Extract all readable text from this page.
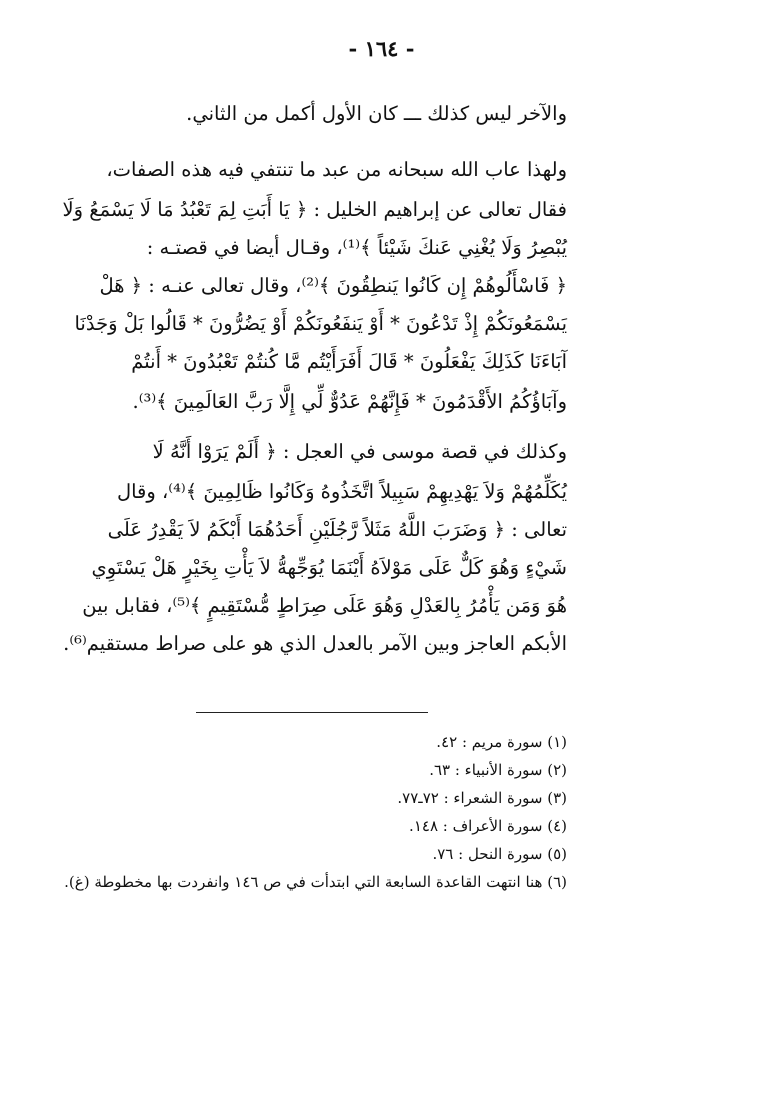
- ١٦٤ -

والآخر ليس كذلك ـــ كان الأول أكمل من الثاني.

ولهذا عاب الله سبحانه من عبد ما تنتفي فيه هذه الصفات،

فقال تعالى عن إبراهيم الخليل : ﴿ يَا أَبَتِ لِمَ تَعْبُدُ مَا لَا يَسْمَعُ وَلَا

يُبْصِرُ وَلَا يُغْنِي عَنكَ شَيْئاً ﴾⁽¹⁾، وقـال أيضا في قصتـه :

﴿ فَاسْأَلُوهُمْ إِن كَانُوا يَنطِقُونَ ﴾⁽²⁾، وقال تعالى عنـه : ﴿ هَلْ

يَسْمَعُونَكُمْ إِذْ تَدْعُونَ * أَوْ يَنفَعُونَكُمْ أَوْ يَضُرُّونَ * قَالُوا بَلْ وَجَدْنَا

آبَاءَنَا كَذَلِكَ يَفْعَلُونَ * قَالَ أَفَرَأَيْتُم مَّا كُنتُمْ تَعْبُدُونَ * أَنتُمْ

وآبَاؤُكُمُ الأَقْدَمُونَ * فَإِنَّهُمْ عَدُوٌّ لِّي إِلَّا رَبَّ العَالَمِينَ ﴾⁽³⁾.

وكذلك في قصة موسى في العجل : ﴿ أَلَمْ يَرَوْا أَنَّهُ لَا

يُكَلِّمُهُمْ وَلاَ يَهْدِيهِمْ سَبِيلاً اتَّخَذُوهُ وَكَانُوا ظَالِمِينَ ﴾⁽⁴⁾، وقال

تعالى : ﴿ وَضَرَبَ اللَّهُ مَثَلاً رَّجُلَيْنِ أَحَدُهُمَا أَبْكَمُ لاَ يَقْدِرُ عَلَى

شَيْءٍ وَهُوَ كَلٌّ عَلَى مَوْلاَهُ أَيْنَمَا يُوَجِّههُّ لاَ يَأْتِ بِخَيْرٍ هَلْ يَسْتَوِي

هُوَ وَمَن يَأْمُرُ بِالعَدْلِ وَهُوَ عَلَى صِرَاطٍ مُّسْتَقِيمٍ ﴾⁽⁵⁾، فقابل بين

الأبكم العاجز وبين الآمر بالعدل الذي هو على صراط مستقيم⁽⁶⁾.

(١) سورة مريم : ٤٢.

(٢) سورة الأنبياء : ٦٣.

(٣) سورة الشعراء : ٧٢ـ٧٧.

(٤) سورة الأعراف : ١٤٨.

(٥) سورة النحل : ٧٦.

(٦) هنا انتهت القاعدة السابعة التي ابتدأت في ص ١٤٦ وانفردت بها مخطوطة (غ).
